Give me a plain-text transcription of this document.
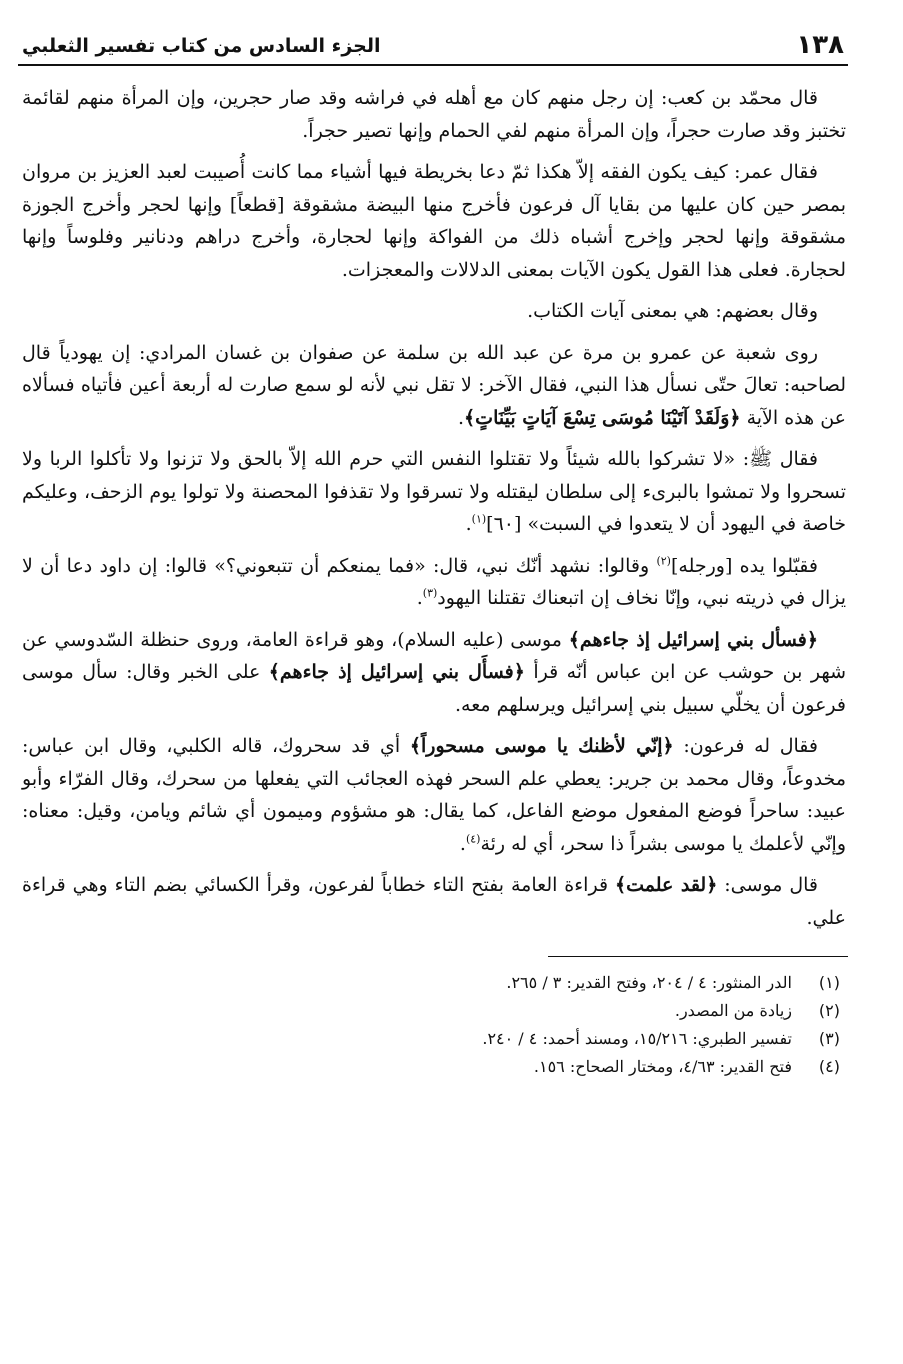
١٣٨
الجزء السادس من كتاب تفسير الثعلبي

قال محمّد بن كعب: إن رجل منهم كان مع أهله في فراشه وقد صار حجرين، وإن المرأة منهم لقائمة تختبز وقد صارت حجراً، وإن المرأة منهم لفي الحمام وإنها تصير حجراً.

فقال عمر: كيف يكون الفقه إلاّ هكذا ثمّ دعا بخريطة فيها أشياء مما كانت أُصيبت لعبد العزيز بن مروان بمصر حين كان عليها من بقايا آل فرعون فأخرج منها البيضة مشقوقة [قطعاً] وإنها لحجر وأخرج الجوزة مشقوقة وإنها لحجر وإخرج أشباه ذلك من الفواكة وإنها لحجارة، وأخرج دراهم ودنانير وفلوساً وإنها لحجارة. فعلى هذا القول يكون الآيات بمعنى الدلالات والمعجزات.

وقال بعضهم: هي بمعنى آيات الكتاب.

روى شعبة عن عمرو بن مرة عن عبد الله بن سلمة عن صفوان بن غسان المرادي: إن يهودياً قال لصاحبه: تعالَ حتّى نسأل هذا النبي، فقال الآخر: لا تقل نبي لأنه لو سمع صارت له أربعة أعين فأتياه فسألاه عن هذه الآية ﴿وَلَقَدْ آتَيْنَا مُوسَى تِسْعَ آيَاتٍ بَيِّنَاتٍ﴾.

فقال ﷺ: «لا تشركوا بالله شيئاً ولا تقتلوا النفس التي حرم الله إلاّ بالحق ولا تزنوا ولا تأكلوا الربا ولا تسحروا ولا تمشوا بالبرىء إلى سلطان ليقتله ولا تسرقوا ولا تقذفوا المحصنة ولا تولوا يوم الزحف، وعليكم خاصة في اليهود أن لا يتعدوا في السبت» [٦٠]$^{(١)}$.

فقبّلوا يده [ورجله]$^{(٢)}$ وقالوا: نشهد أنّك نبي، قال: «فما يمنعكم أن تتبعوني؟» قالوا: إن داود دعا أن لا يزال في ذريته نبي، وإنّا نخاف إن اتبعناك تقتلنا اليهود$^{(٣)}$.

﴿فسأل بني إسرائيل إذ جاءهم﴾ موسى (عليه السلام)، وهو قراءة العامة، وروى حنظلة السّدوسي عن شهر بن حوشب عن ابن عباس أنّه قرأ ﴿فسأَل بني إسرائيل إذ جاءهم﴾ على الخبر وقال: سأل موسى فرعون أن يخلّي سبيل بني إسرائيل ويرسلهم معه.

فقال له فرعون: ﴿إنّي لأظنك يا موسى مسحوراً﴾ أي قد سحروك، قاله الكلبي، وقال ابن عباس: مخدوعاً، وقال محمد بن جرير: يعطي علم السحر فهذه العجائب التي يفعلها من سحرك، وقال الفرّاء وأبو عبيد: ساحراً فوضع المفعول موضع الفاعل، كما يقال: هو مشؤوم وميمون أي شائم ويامن، وقيل: معناه: وإنّي لأعلمك يا موسى بشراً ذا سحر، أي له رئة$^{(٤)}$.

قال موسى: ﴿لقد علمت﴾ قراءة العامة بفتح التاء خطاباً لفرعون، وقرأ الكسائي بضم التاء وهي قراءة علي.

(١)
الدر المنثور: ٤ / ٢٠٤، وفتح القدير: ٣ / ٢٦٥.
(٢)
زيادة من المصدر.
(٣)
تفسير الطبري: ١٥/٢١٦، ومسند أحمد: ٤ / ٢٤٠.
(٤)
فتح القدير: ٤/٦٣، ومختار الصحاح: ١٥٦.
